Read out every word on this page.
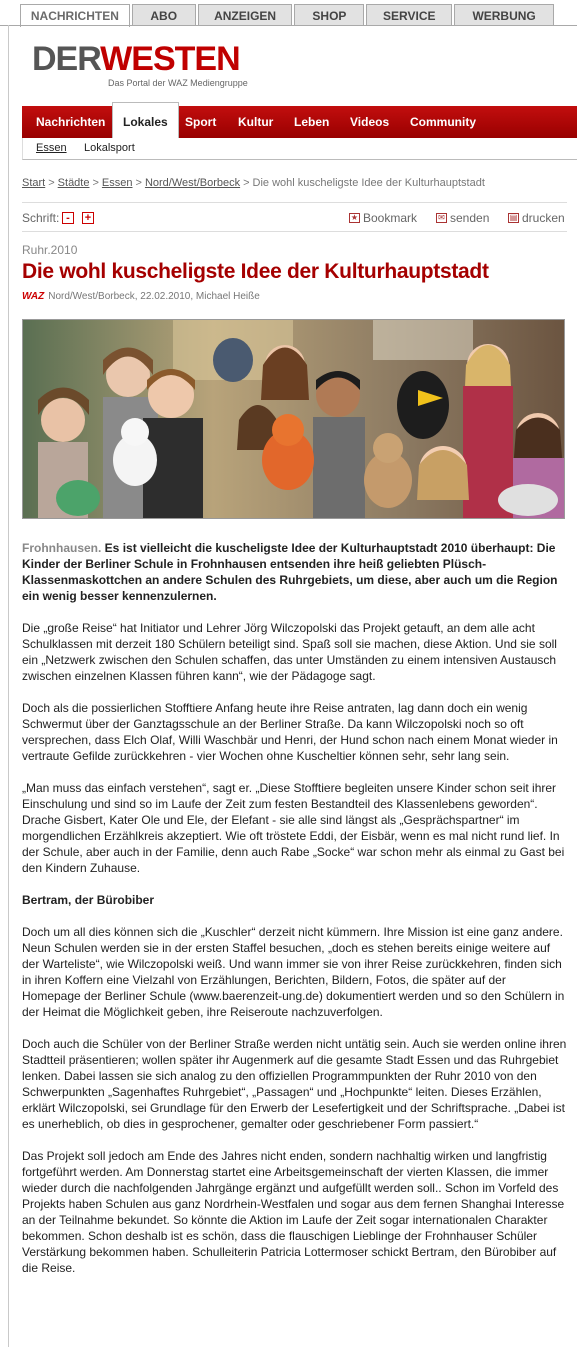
NACHRICHTEN	ABO	ANZEIGEN	SHOP	SERVICE	WERBUNG
DERWESTEN
Das Portal der WAZ Mediengruppe
Nachrichten	Lokales	Sport Kultur Leben Videos Community
Essen Lokalsport
Start > Städte > Essen > Nord/West/Borbeck > Die wohl kuscheligste Idee der Kulturhauptstadt
Schrift: -	+	★ Bookmark	✉ senden	▤ drucken
Ruhr.2010
Die wohl kuscheligste Idee der Kulturhauptstadt
WAZ Nord/West/Borbeck, 22.02.2010, Michael Heiße

Frohnhausen. Es ist vielleicht die kuscheligste Idee der Kulturhauptstadt 2010 überhaupt: Die Kinder der Berliner Schule in Frohnhausen entsenden ihre heiß geliebten Plüsch-Klassenmaskottchen an andere Schulen des Ruhrgebiets, um diese, aber auch um die Region ein wenig besser kennenzulernen.

Die „große Reise“ hat Initiator und Lehrer Jörg Wilczopolski das Projekt getauft, an dem alle acht Schulklassen mit derzeit 180 Schülern beteiligt sind. Spaß soll sie machen, diese Aktion. Und sie soll ein „Netzwerk zwischen den Schulen schaffen, das unter Umständen zu einem intensiven Austausch zwischen einzelnen Klassen führen kann“, wie der Pädagoge sagt.

Doch als die possierlichen Stofftiere Anfang heute ihre Reise antraten, lag dann doch ein wenig Schwermut über der Ganztagsschule an der Berliner Straße. Da kann Wilczopolski noch so oft versprechen, dass Elch Olaf, Willi Waschbär und Henri, der Hund schon nach einem Monat wieder in vertraute Gefilde zurückkehren - vier Wochen ohne Kuscheltier können sehr, sehr lang sein.

„Man muss das einfach verstehen“, sagt er. „Diese Stofftiere begleiten unsere Kinder schon seit ihrer Einschulung und sind so im Laufe der Zeit zum festen Bestandteil des Klassenlebens geworden“. Drache Gisbert, Kater Ole und Ele, der Elefant - sie alle sind längst als „Gesprächspartner“ im morgendlichen Erzählkreis akzeptiert. Wie oft tröstete Eddi, der Eisbär, wenn es mal nicht rund lief. In der Schule, aber auch in der Familie, denn auch Rabe „Socke“ war schon mehr als einmal zu Gast bei den Kindern Zuhause.

Bertram, der Bürobiber

Doch um all dies können sich die „Kuschler“ derzeit nicht kümmern. Ihre Mission ist eine ganz andere. Neun Schulen werden sie in der ersten Staffel besuchen, „doch es stehen bereits einige weitere auf der Warteliste“, wie Wilczopolski weiß. Und wann immer sie von ihrer Reise zurückkehren, finden sich in ihren Koffern eine Vielzahl von Erzählungen, Berichten, Bildern, Fotos, die später auf der Homepage der Berliner Schule (www.baerenzeit-ung.de) dokumentiert werden und so den Schülern in der Heimat die Möglichkeit geben, ihre Reiseroute nachzuverfolgen.

Doch auch die Schüler von der Berliner Straße werden nicht untätig sein. Auch sie werden online ihren Stadtteil präsentieren; wollen später ihr Augenmerk auf die gesamte Stadt Essen und das Ruhrgebiet lenken. Dabei lassen sie sich analog zu den offiziellen Programmpunkten der Ruhr 2010 von den Schwerpunkten „Sagenhaftes Ruhrgebiet“, „Passagen“ und „Hochpunkte“ leiten. Dieses Erzählen, erklärt Wilczopolski, sei Grundlage für den Erwerb der Lesefertigkeit und der Schriftsprache. „Dabei ist es unerheblich, ob dies in gesprochener, gemalter oder geschriebener Form passiert.“

Das Projekt soll jedoch am Ende des Jahres nicht enden, sondern nachhaltig wirken und langfristig fortgeführt werden. Am Donnerstag startet eine Arbeitsgemeinschaft der vierten Klassen, die immer wieder durch die nachfolgenden Jahrgänge ergänzt und aufgefüllt werden soll.. Schon im Vorfeld des Projekts haben Schulen aus ganz Nordrhein-Westfalen und sogar aus dem fernen Shanghai Interesse an der Teilnahme bekundet. So könnte die Aktion im Laufe der Zeit sogar internationalen Charakter bekommen. Schon deshalb ist es schön, dass die flauschigen Lieblinge der Frohnhauser Schüler Verstärkung bekommen haben. Schulleiterin Patricia Lottermoser schickt Bertram, den Bürobiber auf die Reise.
